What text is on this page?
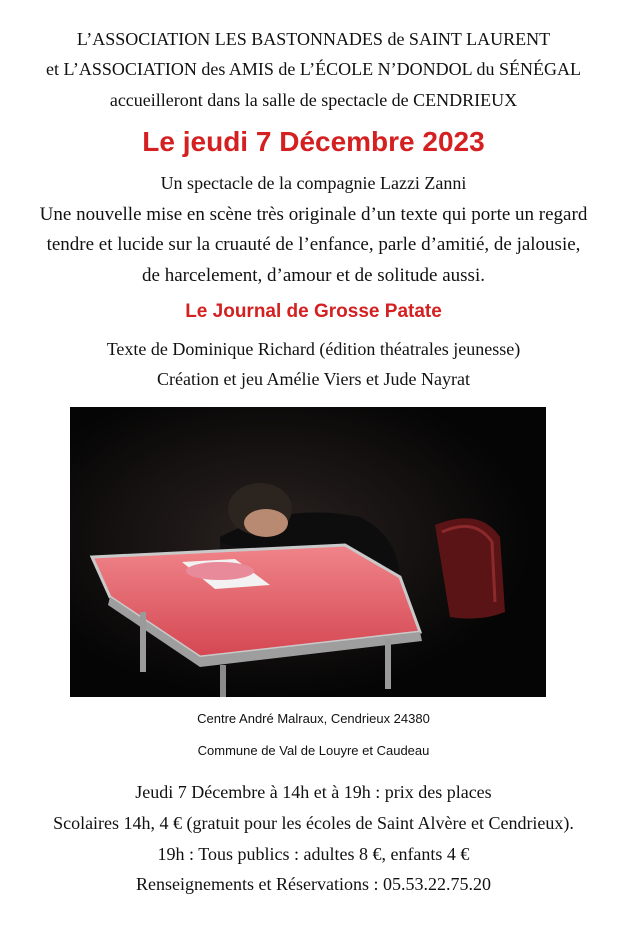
L’ASSOCIATION LES BASTONNADES de SAINT LAURENT
et L’ASSOCIATION des AMIS de L’ÉCOLE N’DONDOL du SÉNÉGAL
accueilleront dans la salle de spectacle de CENDRIEUX
Le jeudi 7 Décembre 2023
Un spectacle de la compagnie Lazzi Zanni
Une nouvelle mise en scène très originale d’un texte qui porte un regard
tendre et lucide sur la cruauté de l’enfance, parle d’amitié, de jalousie,
de harcelement, d’amour et de solitude aussi.
Le Journal de Grosse Patate
Texte de Dominique Richard (édition théatrales jeunesse)
Création et jeu Amélie Viers et Jude Nayrat
Centre André Malraux, Cendrieux 24380
Commune de Val de Louyre et Caudeau
Jeudi 7 Décembre à 14h et à 19h : prix des places
Scolaires 14h, 4 € (gratuit pour les écoles de Saint Alvère et Cendrieux).
19h : Tous publics : adultes 8 €, enfants 4 €
Renseignements et Réservations : 05.53.22.75.20
